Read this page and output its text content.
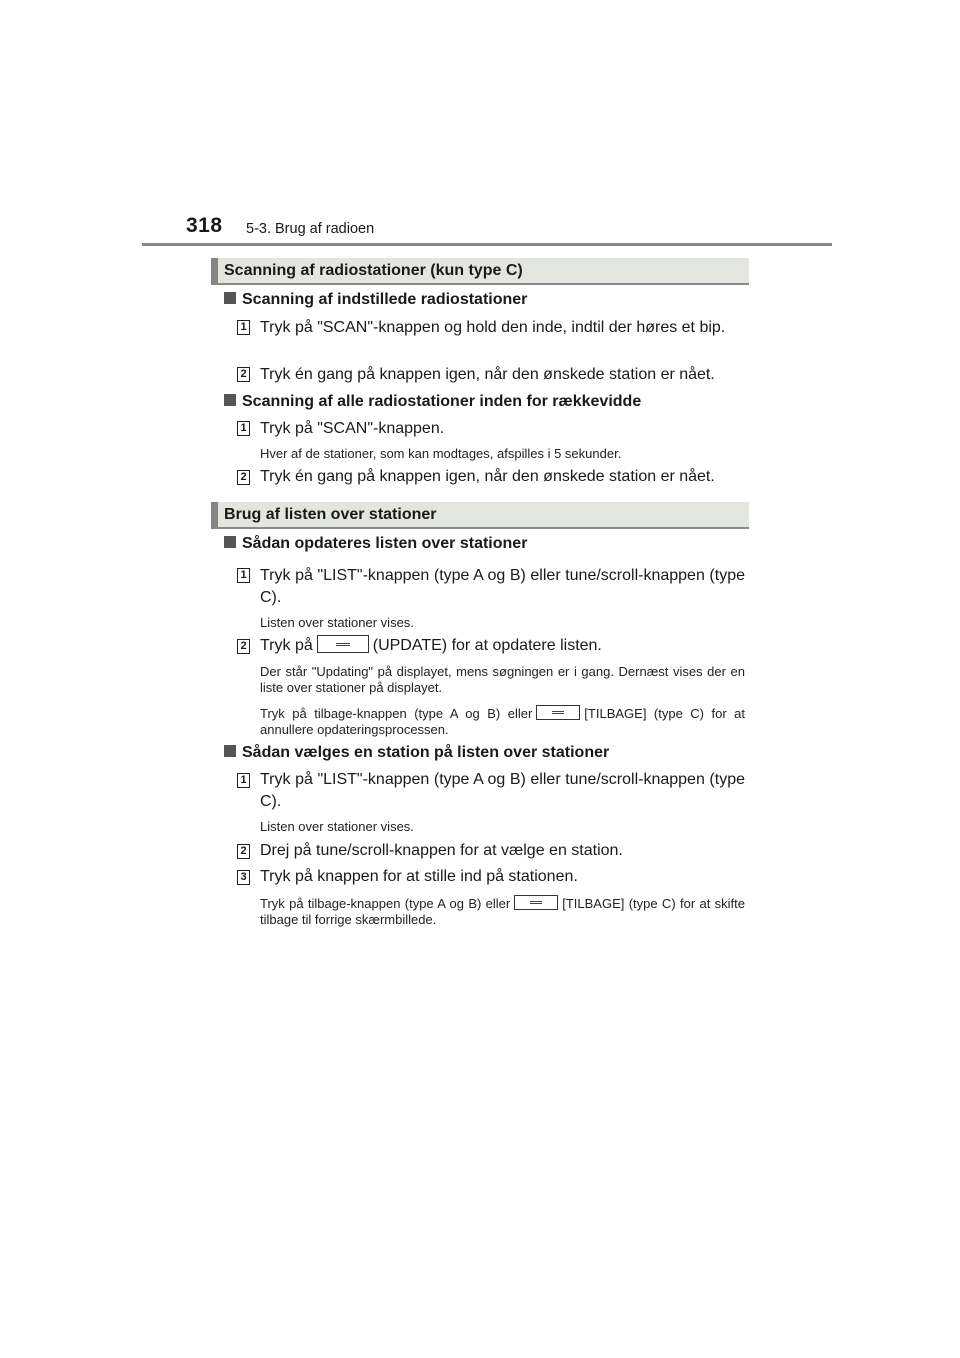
318 5-3. Brug af radioen
Scanning af radiostationer (kun type C)
Scanning af indstillede radiostationer
1 Tryk på "SCAN"-knappen og hold den inde, indtil der høres et bip.
2 Tryk én gang på knappen igen, når den ønskede station er nået.
Scanning af alle radiostationer inden for rækkevidde
1 Tryk på "SCAN"-knappen.
Hver af de stationer, som kan modtages, afspilles i 5 sekunder.
2 Tryk én gang på knappen igen, når den ønskede station er nået.
Brug af listen over stationer
Sådan opdateres listen over stationer
1 Tryk på "LIST"-knappen (type A og B) eller tune/scroll-knappen (type C).
Listen over stationer vises.
2 Tryk på	(UPDATE) for at opdatere listen.
Der står "Updating" på displayet, mens søgningen er i gang. Dernæst vises der en liste over stationer på displayet.
Tryk på tilbage-knappen (type A og B) eller	[TILBAGE] (type C) for at annullere opdateringsprocessen.
Sådan vælges en station på listen over stationer
1 Tryk på "LIST"-knappen (type A og B) eller tune/scroll-knappen (type C).
Listen over stationer vises.
2 Drej på tune/scroll-knappen for at vælge en station.
3 Tryk på knappen for at stille ind på stationen.
Tryk på tilbage-knappen (type A og B) eller	[TILBAGE] (type C) for at skifte tilbage til forrige skærmbillede.
